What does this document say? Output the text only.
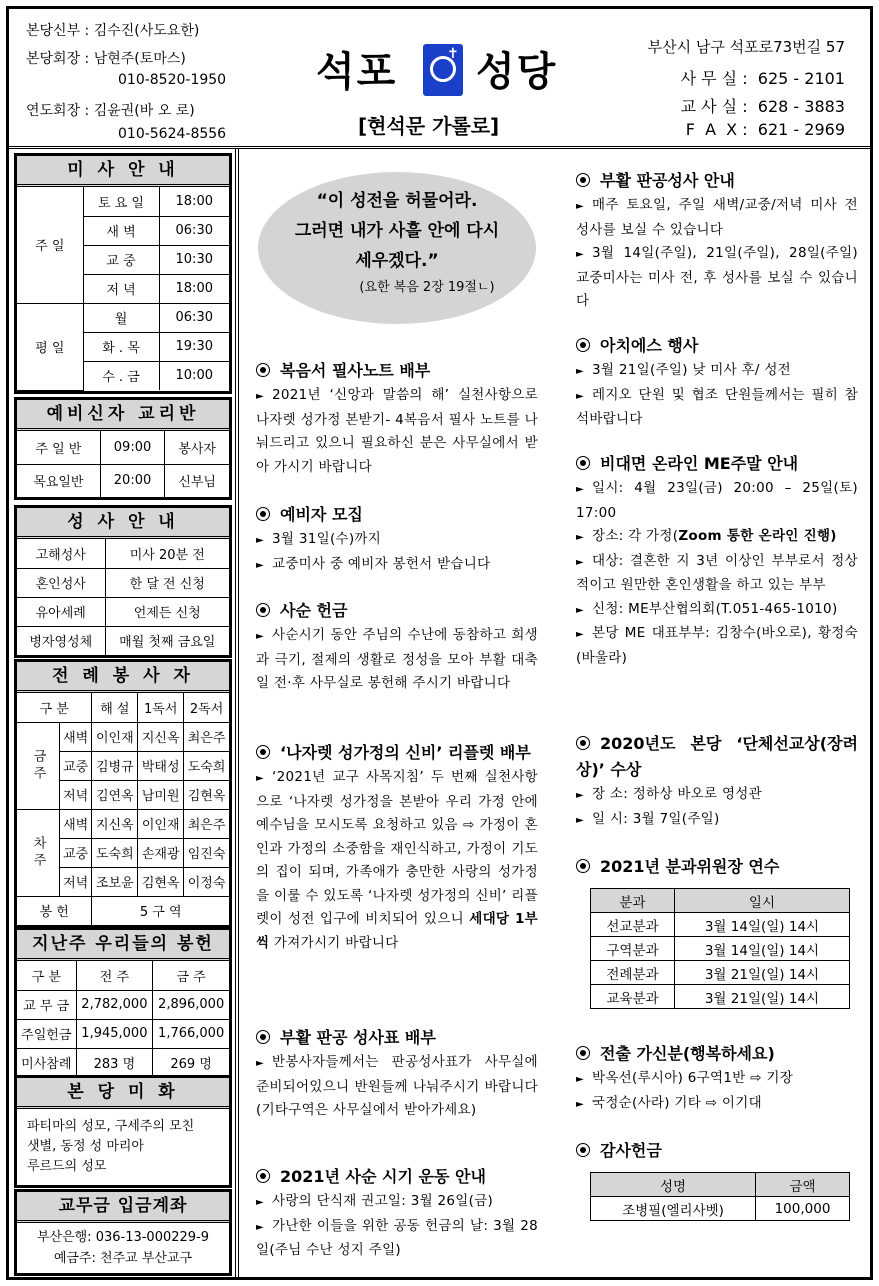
본당신부 : 김수진(사도요한)
본당회장 : 남현주(토마스)
010-8520-1950
연도회장 : 김윤권(바 오 로)
010-5624-8556
석포 성당
✝
[현석문 가롤로]
부산시 남구 석포로73번길 57
사 무 실 :  625 - 2101
교 사 실 :  628 - 3883
F  A  X :  621 - 2969
미 사 안 내
주 일	토 요 일	18:00
	새 벽	06:30
	교 중	10:30
	저 녁	18:00
평 일	월	06:30
	화 . 목	19:30
	수 . 금	10:00
예비신자 교리반
주 일 반	09:00	봉사자
목요일반	20:00	신부님
성 사 안 내
고해성사	미사 20분 전
혼인성사	한 달 전 신청
유아세례	언제든 신청
병자영성체	매월 첫째 금요일
전 례 봉 사 자
구 분		해 설	1독서	2독서
금주	새벽	이인재	지신옥	최은주
	교중	김병규	박태성	도숙희
	저녁	김연옥	남미원	김현옥
차주	새벽	지신옥	이인재	최은주
	교중	도숙희	손재광	임진숙
	저녁	조보윤	김현옥	이정숙
봉 헌		5 구 역		
지난주 우리들의 봉헌
구 분	전 주	금 주
교 무 금	2,782,000	2,896,000
주일헌금	1,945,000	1,766,000
미사참례	283 명	269 명
본 당 미 화
파티마의 성모, 구세주의 모친
샛별, 동정 성 마리아
루르드의 성모
교무금 입금계좌
부산은행: 036-13-000229-9
예금주: 천주교 부산교구
“이 성전을 허물어라.
그러면 내가 사흘 안에 다시
세우겠다.”
(요한 복음 2장 19절ㄴ)
복음서 필사노트 배부

► 2021년 ‘신앙과 말씀의 해’ 실천사항으로 나자렛 성가정 본받기- 4복음서 필사 노트를 나눠드리고 있으니 필요하신 분은 사무실에서 받아 가시기 바랍니다

예비자 모집

► 3월 31일(수)까지

► 교중미사 중 예비자 봉헌서 받습니다

사순 헌금

► 사순시기 동안 주님의 수난에 동참하고 희생과 극기, 절제의 생활로 정성을 모아 부활 대축일 전·후 사무실로 봉헌해 주시기 바랍니다

‘나자렛 성가정의 신비’ 리플렛 배부

► ‘2021년 교구 사목지침’ 두 번째 실천사항으로 ‘나자렛 성가정을 본받아 우리 가정 안에 예수님을 모시도록 요청하고 있음 ⇨ 가정이 혼인과 가정의 소중함을 재인식하고, 가정이 기도의 집이 되며, 가족애가 충만한 사랑의 성가정을 이룰 수 있도록 ‘나자렛 성가정의 신비’ 리플렛이 성전 입구에 비치되어 있으니 세대당 1부씩 가져가시기 바랍니다

부활 판공 성사표 배부

► 반봉사자들께서는 판공성사표가 사무실에 준비되어있으니 반원들께 나눠주시기 바랍니다 (기타구역은 사무실에서 받아가세요)

2021년 사순 시기 운동 안내

► 사랑의 단식재 권고일: 3월 26일(금)

► 가난한 이들을 위한 공동 헌금의 날: 3월 28일(주님 수난 성지 주일)

부활 판공성사 안내

► 매주 토요일, 주일 새벽/교중/저녁 미사 전 성사를 보실 수 있습니다

► 3월 14일(주일), 21일(주일), 28일(주일) 교중미사는 미사 전, 후 성사를 보실 수 있습니다

아치에스 행사

► 3월 21일(주일) 낮 미사 후/ 성전

► 레지오 단원 및 협조 단원들께서는 필히 참석바랍니다

비대면 온라인 ME주말 안내

► 일시: 4월 23일(금) 20:00 – 25일(토) 17:00

► 장소: 각 가정(Zoom 통한 온라인 진행)

► 대상: 결혼한 지 3년 이상인 부부로서 정상적이고 원만한 혼인생활을 하고 있는 부부

► 신청: ME부산협의회(T.051-465-1010)

► 본당 ME 대표부부: 김창수(바오로), 황정숙(바울라)

2020년도 본당 ‘단체선교상(장려상)’ 수상

► 장 소: 정하상 바오로 영성관

► 일 시: 3월 7일(주일)

2021년 분과위원장 연수
분과	일시
선교분과	3월 14일(일) 14시
구역분과	3월 14일(일) 14시
전례분과	3월 21일(일) 14시
교육분과	3월 21일(일) 14시
전출 가신분(행복하세요)

► 박옥선(루시아) 6구역1반 ⇨ 기장

► 국정순(사라) 기타 ⇨ 이기대

감사헌금
성명	금액
조병필(엘리사벳)	100,000
